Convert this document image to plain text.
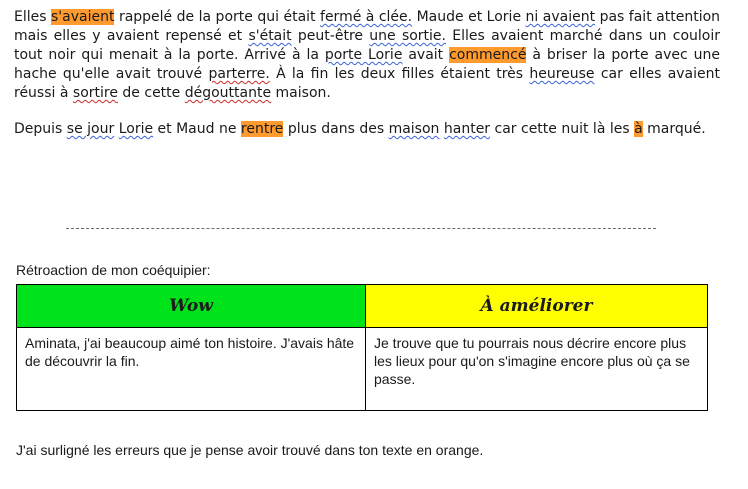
Elles s'avaient rappelé de la porte qui était fermé à clée. Maude et Lorie ni avaient pas fait attention mais elles y avaient repensé et s'était peut-être une sortie. Elles avaient marché dans un couloir tout noir qui menait à la porte. Arrivé à la porte Lorie avait commencé à briser la porte avec une hache qu'elle avait trouvé parterre. À la fin les deux filles étaient très heureuse car elles avaient réussi à sortire de cette dégouttante maison.

Depuis se jour Lorie et Maud ne rentre plus dans des maison hanter car cette nuit là les à marqué.

Rétroaction de mon coéquipier:
Wow	À améliorer
Aminata, j'ai beaucoup aimé ton histoire. J'avais hâte de découvrir la fin.	Je trouve que tu pourrais nous décrire encore plus les lieux pour qu'on s'imagine encore plus où ça se passe.
J'ai surligné les erreurs que je pense avoir trouvé dans ton texte en orange.
